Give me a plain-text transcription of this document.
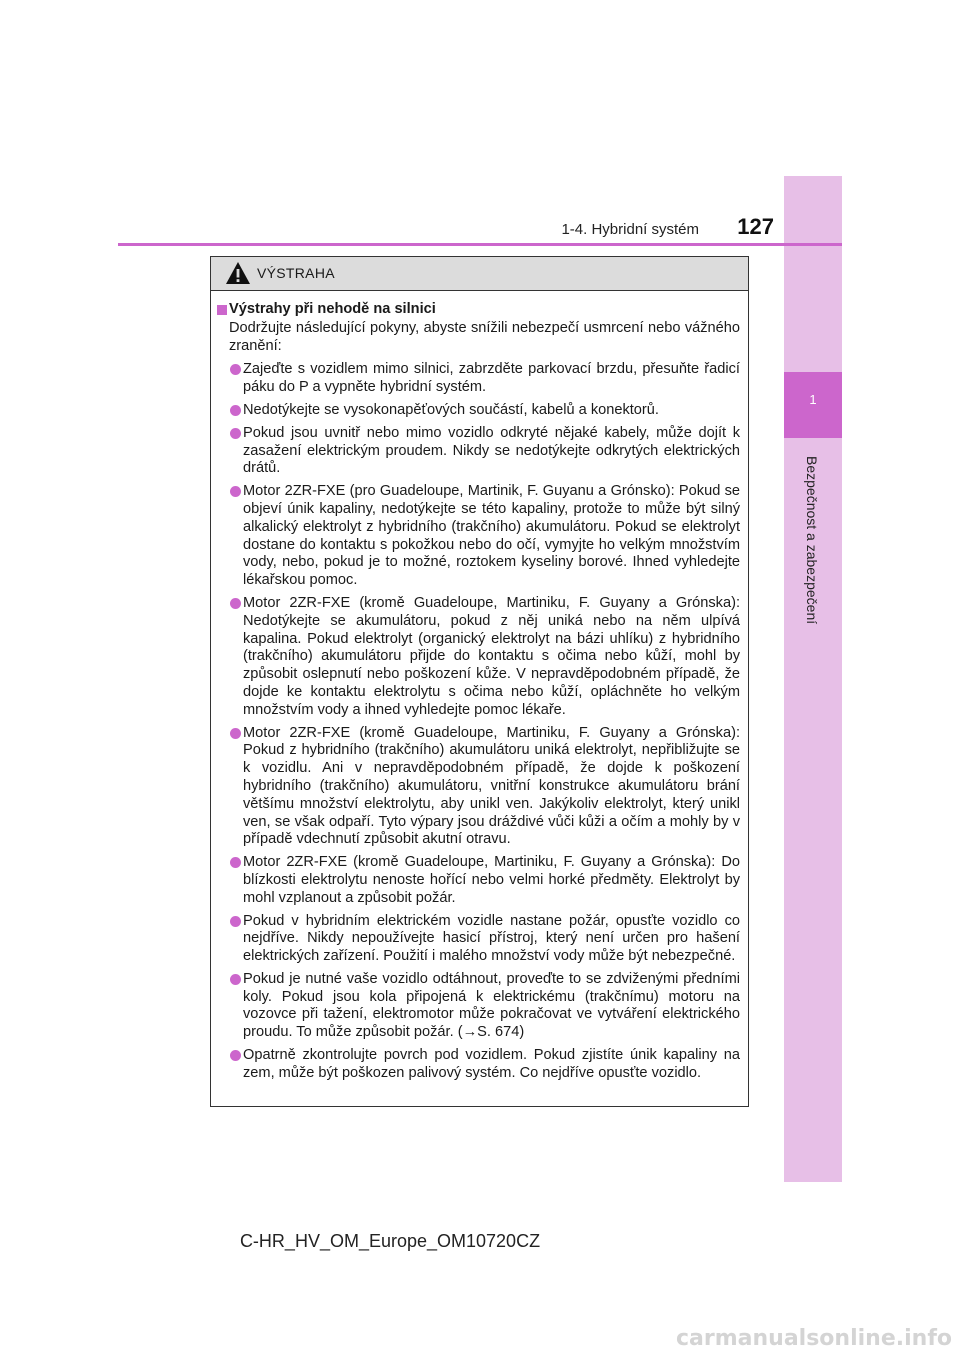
1
Bezpečnost a zabezpečení
1-4. Hybridní systém	127
VÝSTRAHA
Výstrahy při nehodě na silnici
Dodržujte následující pokyny, abyste snížili nebezpečí usmrcení nebo vážného zranění:
Zajeďte s vozidlem mimo silnici, zabrzděte parkovací brzdu, přesuňte řadicí páku do P a vypněte hybridní systém.
Nedotýkejte se vysokonapěťových součástí, kabelů a konektorů.
Pokud jsou uvnitř nebo mimo vozidlo odkryté nějaké kabely, může dojít k zasažení elektrickým proudem. Nikdy se nedotýkejte odkrytých elektrických drátů.
Motor 2ZR-FXE (pro Guadeloupe, Martinik, F. Guyanu a Grónsko): Pokud se objeví únik kapaliny, nedotýkejte se této kapaliny, protože to může být silný alkalický elektrolyt z hybridního (trakčního) akumulátoru. Pokud se elektrolyt dostane do kontaktu s pokožkou nebo do očí, vymyjte ho velkým množstvím vody, nebo, pokud je to možné, roztokem kyseliny borové. Ihned vyhledejte lékařskou pomoc.
Motor 2ZR-FXE (kromě Guadeloupe, Martiniku, F. Guyany a Grónska): Nedotýkejte se akumulátoru, pokud z něj uniká nebo na něm ulpívá kapalina. Pokud elektrolyt (organický elektrolyt na bázi uhlíku) z hybridního (trakčního) akumulátoru přijde do kontaktu s očima nebo kůží, mohl by způsobit oslepnutí nebo poškození kůže. V nepravděpodobném případě, že dojde ke kontaktu elektrolytu s očima nebo kůží, opláchněte ho velkým množstvím vody a ihned vyhledejte pomoc lékaře.
Motor 2ZR-FXE (kromě Guadeloupe, Martiniku, F. Guyany a Grónska): Pokud z hybridního (trakčního) akumulátoru uniká elektrolyt, nepřibližujte se k vozidlu. Ani v nepravděpodobném případě, že dojde k poškození hybridního (trakčního) akumulátoru, vnitřní konstrukce akumulátoru brání většímu množství elektrolytu, aby unikl ven. Jakýkoliv elektrolyt, který unikl ven, se však odpaří. Tyto výpary jsou dráždivé vůči kůži a očím a mohly by v případě vdechnutí způsobit akutní otravu.
Motor 2ZR-FXE (kromě Guadeloupe, Martiniku, F. Guyany a Grónska): Do blízkosti elektrolytu nenoste hořící nebo velmi horké předměty. Elektrolyt by mohl vzplanout a způsobit požár.
Pokud v hybridním elektrickém vozidle nastane požár, opusťte vozidlo co nejdříve. Nikdy nepoužívejte hasicí přístroj, který není určen pro hašení elektrických zařízení. Použití i malého množství vody může být nebezpečné.
Pokud je nutné vaše vozidlo odtáhnout, proveďte to se zdviženými předními koly. Pokud jsou kola připojená k elektrickému (trakčnímu) motoru na vozovce při tažení, elektromotor může pokračovat ve vytváření elektrického proudu. To může způsobit požár. (→S. 674)
Opatrně zkontrolujte povrch pod vozidlem. Pokud zjistíte únik kapaliny na zem, může být poškozen palivový systém. Co nejdříve opusťte vozidlo.
C-HR_HV_OM_Europe_OM10720CZ
carmanualsonline.info
